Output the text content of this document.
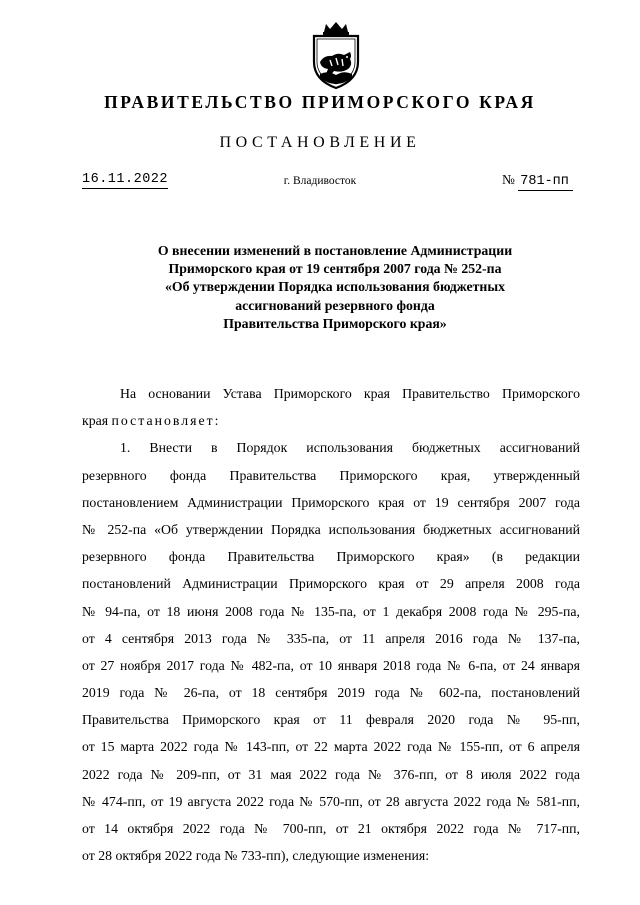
ПРАВИТЕЛЬСТВО ПРИМОРСКОГО КРАЯ
ПОСТАНОВЛЕНИЕ
16.11.2022	г. Владивосток	№ 781-пп
О внесении изменений в постановление Администрации
Приморского края от 19 сентября 2007 года № 252-па
«Об утверждении Порядка использования бюджетных
ассигнований резервного фонда
Правительства Приморского края»
На основании Устава Приморского края Правительство Приморского
края постановляет:
1. Внести в Порядок использования бюджетных ассигнований
резервного фонда Правительства Приморского края, утвержденный
постановлением Администрации Приморского края от 19 сентября 2007 года
№ 252-па «Об утверждении Порядка использования бюджетных ассигнований
резервного фонда Правительства Приморского края» (в редакции
постановлений Администрации Приморского края от 29 апреля 2008 года
№ 94-па, от 18 июня 2008 года № 135-па, от 1 декабря 2008 года № 295-па,
от 4 сентября 2013 года № 335-па, от 11 апреля 2016 года № 137-па,
от 27 ноября 2017 года № 482-па, от 10 января 2018 года № 6-па, от 24 января
2019 года № 26-па, от 18 сентября 2019 года № 602-па, постановлений
Правительства Приморского края от 11 февраля 2020 года № 95-пп,
от 15 марта 2022 года № 143-пп, от 22 марта 2022 года № 155-пп, от 6 апреля
2022 года № 209-пп, от 31 мая 2022 года № 376-пп, от 8 июля 2022 года
№ 474-пп, от 19 августа 2022 года № 570-пп, от 28 августа 2022 года № 581-пп,
от 14 октября 2022 года № 700-пп, от 21 октября 2022 года № 717-пп,
от 28 октября 2022 года № 733-пп), следующие изменения:
